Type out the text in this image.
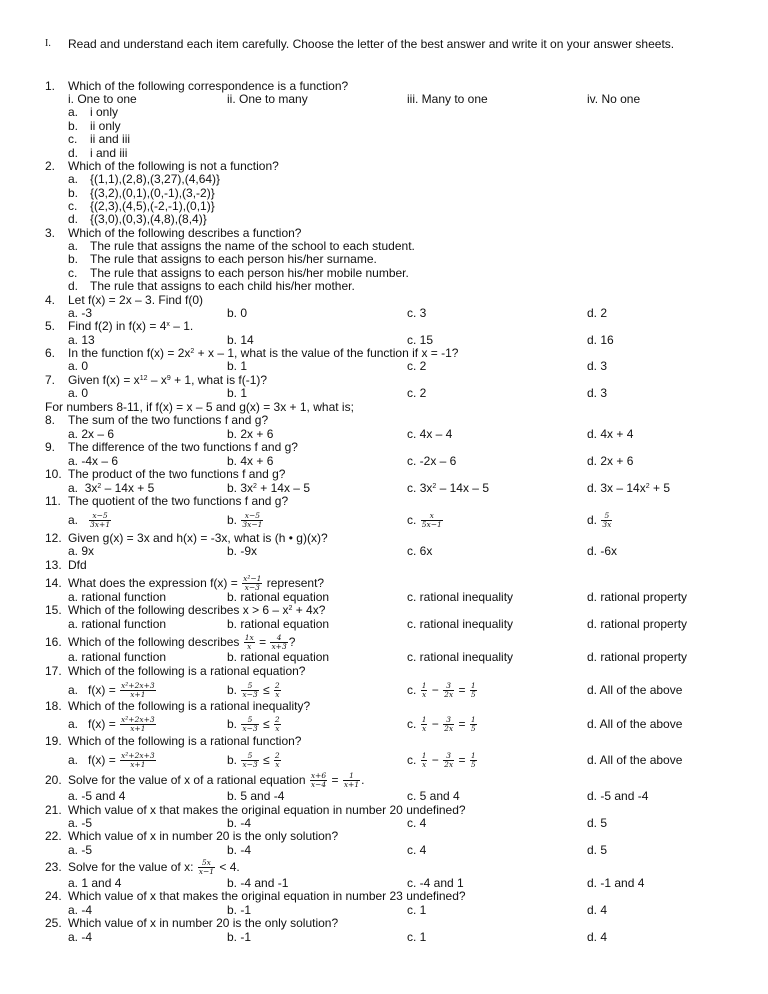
I. Read and understand each item carefully. Choose the letter of the best answer and write it on your answer sheets.
1. Which of the following correspondence is a function?
i. One to one	ii. One to many	iii. Many to one	iv. No one
a. i only
b. ii only
c. ii and iii
d. i and iii
2. Which of the following is not a function?
a. {(1,1),(2,8),(3,27),(4,64)}
b. {(3,2),(0,1),(0,-1),(3,-2)}
c. {(2,3),(4,5),(-2,-1),(0,1)}
d. {(3,0),(0,3),(4,8),(8,4)}
3. Which of the following describes a function?
a. The rule that assigns the name of the school to each student.
b. The rule that assigns to each person his/her surname.
c. The rule that assigns to each person his/her mobile number.
d. The rule that assigns to each child his/her mother.
4. Let f(x) = 2x – 3. Find f(0)
a. -3	b. 0	c. 3	d. 2
5. Find f(2) in $f(x) = 4^x - 1$.
a. 13	b. 14	c. 15	d. 16
6. In the function $f(x) = 2x^2 + x - 1$, what is the value of the function if x = -1?
a. 0	b. 1	c. 2	d. 3
7. Given $f(x) = x^{12} - x^9 + 1$, what is f(-1)?
a. 0	b. 1	c. 2	d. 3
For numbers 8-11, if f(x) = x – 5 and g(x) = 3x + 1, what is;
8. The sum of the two functions f and g?
a. 2x – 6	b. 2x + 6	c. 4x – 4	d. 4x + 4
9. The difference of the two functions f and g?
a. -4x – 6	b. 4x + 6	c. -2x – 6	d. 2x + 6
10. The product of the two functions f and g?
a. $3x^2 - 14x + 5$	b. $3x^2 + 14x - 5$	c. $3x^2 - 14x - 5$	d. $3x - 14x^2 + 5$
11. The quotient of the two functions f and g?
a. $\frac{x-5}{3x+1}$	b. $\frac{x-5}{3x-1}$	c. $\frac{x}{5x-1}$	d. $\frac{5}{3x}$
12. Given g(x) = 3x and h(x) = -3x, what is (h • g)(x)?
a. 9x	b. -9x	c. 6x	d. -6x
13. Dfd
14. What does the expression $f(x) = \frac{\text{x²−1}}{x-3}$ represent?
a. rational function	b. rational equation	c. rational inequality	d. rational property
15. Which of the following describes $x > 6 - x^2 + 4x$?
a. rational function	b. rational equation	c. rational inequality	d. rational property
16. Which of the following describes $\frac{1x}{x} = \frac{4}{x+3}$ ?
a. rational function	b. rational equation	c. rational inequality	d. rational property
17. Which of the following is a rational equation?
a. $f(x) = \frac{\text{x²+2x+3}}{x+1}$	b. $\frac{5}{x-3} \le \frac{2}{x}$	c. $\frac{1}{x} - \frac{3}{2x} = \frac{1}{5}$	d. All of the above
18. Which of the following is a rational inequality?
a. $f(x) = \frac{\text{x²+2x+3}}{x+1}$	b. $\frac{5}{x-3} \le \frac{2}{x}$	c. $\frac{1}{x} - \frac{3}{2x} = \frac{1}{5}$	d. All of the above
19. Which of the following is a rational function?
a. $f(x) = \frac{\text{x²+2x+3}}{x+1}$	b. $\frac{5}{x-3} \le \frac{2}{x}$	c. $\frac{1}{x} - \frac{3}{2x} = \frac{1}{5}$	d. All of the above
20. Solve for the value of x of a rational equation $\frac{x+6}{x-4} = \frac{1}{x+1}$ .
a. -5 and 4	b. 5 and -4	c. 5 and 4	d. -5 and -4
21. Which value of x that makes the original equation in number 20 undefined?
a. -5	b. -4	c. 4	d. 5
22. Which value of x in number 20 is the only solution?
a. -5	b. -4	c. 4	d. 5
23. Solve for the value of x: $\frac{5x}{x-1} < 4$.
a. 1 and 4	b. -4 and -1	c. -4 and 1	d. -1 and 4
24. Which value of x that makes the original equation in number 23 undefined?
a. -4	b. -1	c. 1	d. 4
25. Which value of x in number 20 is the only solution?
a. -4	b. -1	c. 1	d. 4
